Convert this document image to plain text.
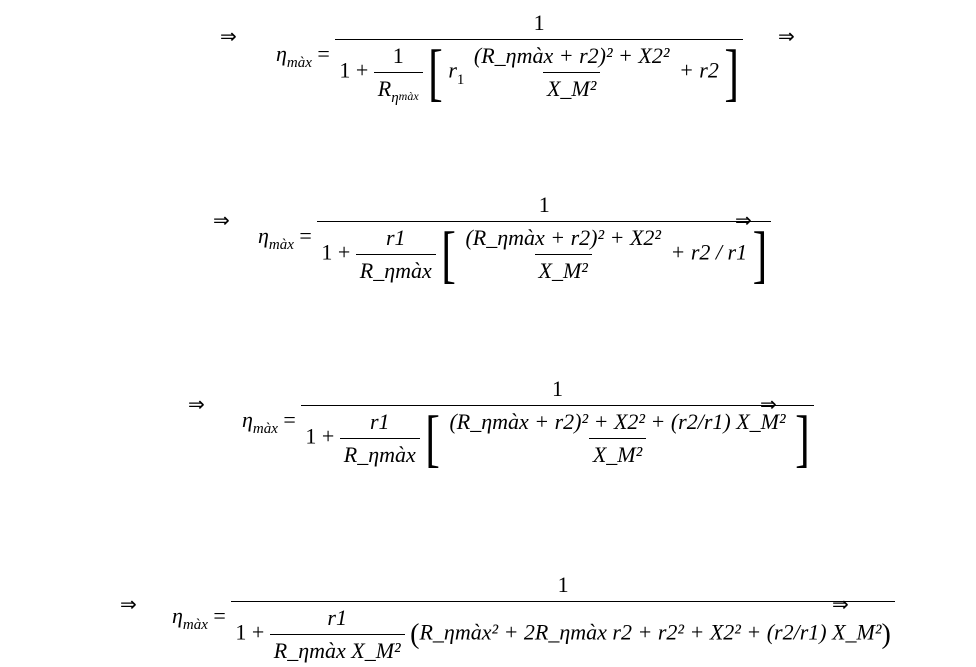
⇒
$\eta_{màx}$ =
1
$1 + \frac{1}{R_\eta màx}$ [ $r_1 \frac{\text{(R\_ηmàx + r2)² + X2²}}{\text{X\_M²}} + r2$ ]
⇒
⇒
$\eta_{màx}$ =
1
$1 + \frac{r1}{\text{R\_ηmàx}}$ [ $\frac{\text{(R\_ηmàx + r2)² + X2²}}{\text{X\_M²}} + r2 / r1$ ]
⇒
⇒
$\eta_{màx}$ =
1
$1 + \frac{r1}{\text{R\_ηmàx}}$ [ $\frac{\text{(R\_ηmàx + r2)² + X2² + (r2/r1) X\_M²}}{\text{X\_M²}}$ ]
⇒
⇒ $\eta_{màx}$ =
1
$1 + \frac{r1}{\text{R\_ηmàx X\_M²}}$ (R_ηmàx² + 2R_ηmàx r2 + r2² + X2² + (r2/r1) X_M²)
⇒
